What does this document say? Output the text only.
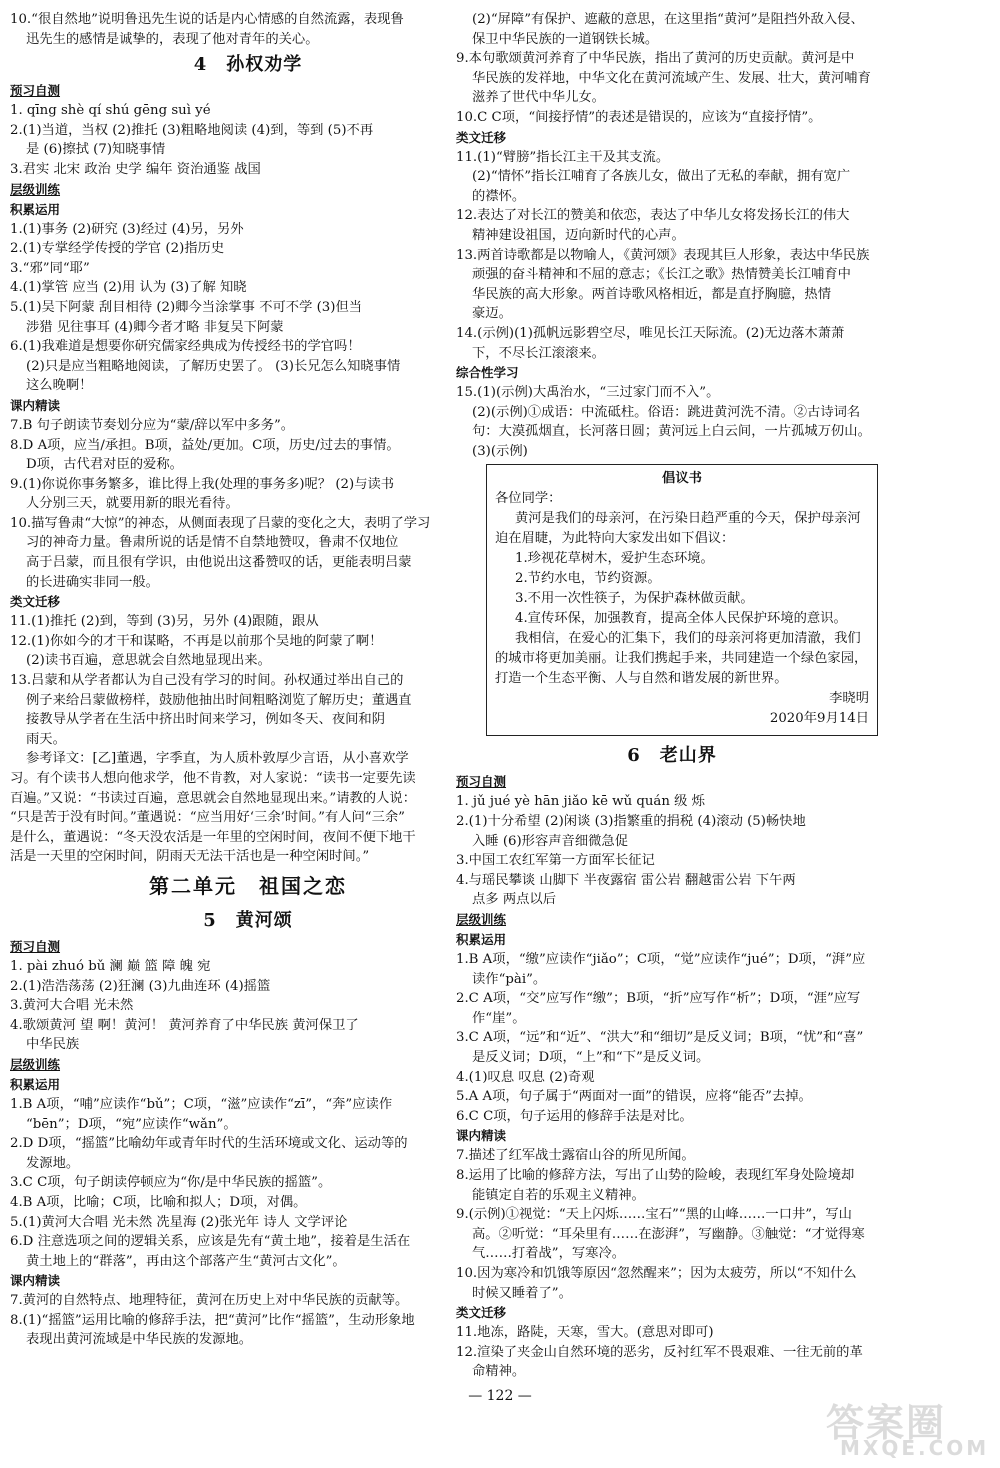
10.“很自然地”说明鲁迅先生说的话是内心情感的自然流露，表现鲁
迅先生的感情是诚挚的，表现了他对青年的关心。
4　孙权劝学
预习自测
1. qīng shè qí shú gēng suì yé
2.(1)当道，当权 (2)推托 (3)粗略地阅读 (4)到，等到 (5)不再
是 (6)擦拭 (7)知晓事情
3.君实 北宋 政治 史学 编年 资治通鉴 战国
层级训练
积累运用
1.(1)事务 (2)研究 (3)经过 (4)另，另外
2.(1)专掌经学传授的学官 (2)指历史
3.“邪”同“耶”
4.(1)掌管 应当 (2)用 认为 (3)了解 知晓
5.(1)吴下阿蒙 刮目相待 (2)卿今当涂掌事 不可不学 (3)但当
涉猎 见往事耳 (4)卿今者才略 非复吴下阿蒙
6.(1)我难道是想要你研究儒家经典成为传授经书的学官吗！
(2)只是应当粗略地阅读，了解历史罢了。 (3)长兄怎么知晓事情
这么晚啊！
课内精读
7.B 句子朗读节奏划分应为“蒙/辞以军中多务”。
8.D A项，应当/承担。B项，益处/更加。C项，历史/过去的事情。
D项，古代君对臣的爱称。
9.(1)你说你事务繁多，谁比得上我(处理的事务多)呢？ (2)与读书
人分别三天，就要用新的眼光看待。
10.描写鲁肃“大惊”的神态，从侧面表现了吕蒙的变化之大，表明了学习
习的神奇力量。鲁肃所说的话是情不自禁地赞叹，鲁肃不仅地位
高于吕蒙，而且很有学识，由他说出这番赞叹的话，更能表明吕蒙
的长进确实非同一般。
类文迁移
11.(1)推托 (2)到，等到 (3)另，另外 (4)跟随，跟从
12.(1)你如今的才干和谋略，不再是以前那个吴地的阿蒙了啊！
(2)读书百遍，意思就会自然地显现出来。
13.吕蒙和从学者都认为自己没有学习的时间。孙权通过举出自己的
例子来给吕蒙做榜样，鼓励他抽出时间粗略浏览了解历史；董遇直
接教导从学者在生活中挤出时间来学习，例如冬天、夜间和阴
雨天。
参考译文：[乙]董遇，字季直，为人质朴敦厚少言语，从小喜欢学
习。有个读书人想向他求学，他不肯教，对人家说：“读书一定要先读
百遍。”又说：“书读过百遍，意思就会自然地显现出来。”请教的人说：
“只是苦于没有时间。”董遇说：“应当用好‘三余’时间。”有人问“三余”
是什么，董遇说：“冬天没农活是一年里的空闲时间，夜间不便下地干
活是一天里的空闲时间，阴雨天无法干活也是一种空闲时间。”
第二单元　祖国之恋
5　黄河颂
预习自测
1. pài zhuó bǔ 澜 巅 篮 障 魄 宛
2.(1)浩浩荡荡 (2)狂澜 (3)九曲连环 (4)摇篮
3.黄河大合唱 光未然
4.歌颂黄河 望 啊！黄河！ 黄河养育了中华民族 黄河保卫了
中华民族
层级训练
积累运用
1.B A项，“哺”应读作“bǔ”；C项，“滋”应读作“zī”，“奔”应读作
“bēn”；D项，“宛”应读作“wǎn”。
2.D D项，“摇篮”比喻幼年或青年时代的生活环境或文化、运动等的
发源地。
3.C C项，句子朗读停顿应为“你/是中华民族的摇篮”。
4.B A项，比喻；C项，比喻和拟人；D项，对偶。
5.(1)黄河大合唱 光未然 冼星海 (2)张光年 诗人 文学评论
6.D 注意选项之间的逻辑关系，应该是先有“黄土地”，接着是生活在
黄土地上的“群落”，再由这个部落产生“黄河古文化”。
课内精读
7.黄河的自然特点、地理特征，黄河在历史上对中华民族的贡献等。
8.(1)“摇篮”运用比喻的修辞手法，把“黄河”比作“摇篮”，生动形象地
表现出黄河流域是中华民族的发源地。
(2)“屏障”有保护、遮蔽的意思，在这里指“黄河”是阻挡外敌入侵、
保卫中华民族的一道钢铁长城。
9.本句歌颂黄河养育了中华民族，指出了黄河的历史贡献。黄河是中
华民族的发祥地，中华文化在黄河流域产生、发展、壮大，黄河哺育
滋养了世代中华儿女。
10.C C项，“间接抒情”的表述是错误的，应该为“直接抒情”。
类文迁移
11.(1)“臂膀”指长江主干及其支流。
(2)“情怀”指长江哺育了各族儿女，做出了无私的奉献，拥有宽广
的襟怀。
12.表达了对长江的赞美和依恋，表达了中华儿女将发扬长江的伟大
精神建设祖国，迈向新时代的心声。
13.两首诗歌都是以物喻人，《黄河颂》表现其巨人形象，表达中华民族
顽强的奋斗精神和不屈的意志；《长江之歌》热情赞美长江哺育中
华民族的高大形象。两首诗歌风格相近，都是直抒胸臆，热情
豪迈。
14.(示例)(1)孤帆远影碧空尽，唯见长江天际流。(2)无边落木萧萧
下，不尽长江滚滚来。
综合性学习
15.(1)(示例)大禹治水，“三过家门而不入”。
(2)(示例)①成语：中流砥柱。俗语：跳进黄河洗不清。②古诗词名
句：大漠孤烟直，长河落日圆；黄河远上白云间，一片孤城万仞山。
(3)(示例)
倡议书
各位同学：
黄河是我们的母亲河，在污染日趋严重的今天，保护母亲河
迫在眉睫，为此特向大家发出如下倡议：
1.珍视花草树木，爱护生态环境。
2.节约水电，节约资源。
3.不用一次性筷子，为保护森林做贡献。
4.宣传环保，加强教育，提高全体人民保护环境的意识。
我相信，在爱心的汇集下，我们的母亲河将更加清澈，我们
的城市将更加美丽。让我们携起手来，共同建造一个绿色家园，
打造一个生态平衡、人与自然和谐发展的新世界。
李晓明
2020年9月14日
6　老山界
预习自测
1. jǔ jué yè hān jiǎo kē wǔ quán 级 烁
2.(1)十分希望 (2)闲谈 (3)指繁重的捐税 (4)滚动 (5)畅快地
入睡 (6)形容声音细微急促
3.中国工农红军第一方面军长征记
4.与瑶民攀谈 山脚下 半夜露宿 雷公岩 翻越雷公岩 下午两
点多 两点以后
层级训练
积累运用
1.B A项，“缴”应读作“jiǎo”；C项，“觉”应读作“jué”；D项，“湃”应
读作“pài”。
2.C A项，“交”应写作“缴”；B项，“折”应写作“析”；D项，“涯”应写
作“崖”。
3.C A项，“远”和“近”、“洪大”和“细切”是反义词；B项，“忧”和“喜”
是反义词；D项，“上”和“下”是反义词。
4.(1)叹息 叹息 (2)奇观
5.A A项，句子属于“两面对一面”的错误，应将“能否”去掉。
6.C C项，句子运用的修辞手法是对比。
课内精读
7.描述了红军战士露宿山谷的所见所闻。
8.运用了比喻的修辞方法，写出了山势的险峻，表现红军身处险境却
能镇定自若的乐观主义精神。
9.(示例)①视觉：“天上闪烁……宝石”“黑的山峰……一口井”，写山
高。②听觉：“耳朵里有……在澎湃”，写幽静。③触觉：“才觉得寒
气……打着战”，写寒冷。
10.因为寒冷和饥饿等原因“忽然醒来”；因为太疲劳，所以“不知什么
时候又睡着了”。
类文迁移
11.地冻，路陡，天寒，雪大。(意思对即可)
12.渲染了夹金山自然环境的恶劣，反衬红军不畏艰难、一往无前的革
命精神。
— 122 —
答案圈
MXQE.COM
